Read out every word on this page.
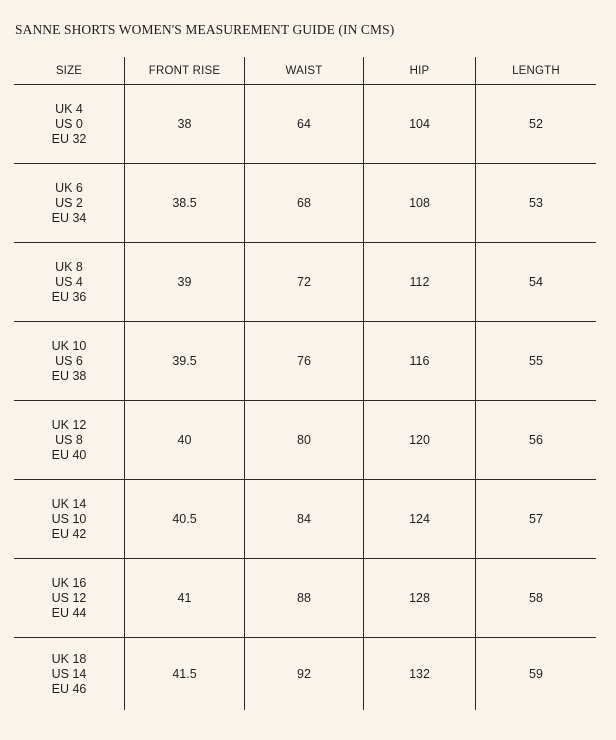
SANNE SHORTS WOMEN'S MEASUREMENT GUIDE (IN CMS)
SIZE	FRONT RISE	WAIST	HIP	LENGTH
UK 4
US 0
EU 32
38	64	104	52
UK 6
US 2
EU 34
38.5	68	108	53
UK 8
US 4
EU 36
39	72	112	54
UK 10
US 6
EU 38
39.5	76	116	55
UK 12
US 8
EU 40
40	80	120	56
UK 14
US 10
EU 42
40.5	84	124	57
UK 16
US 12
EU 44
41	88	128	58
UK 18
US 14
EU 46
41.5	92	132	59
